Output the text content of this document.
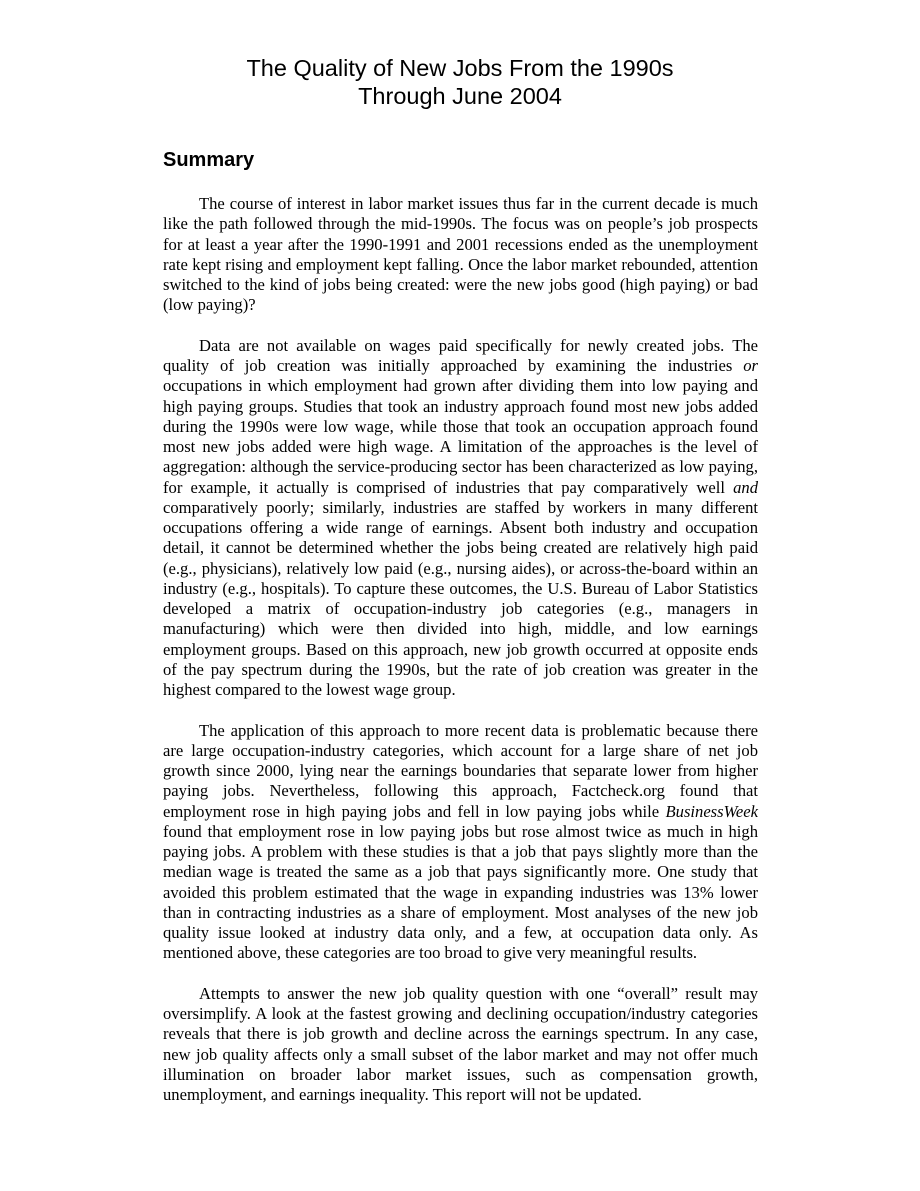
The Quality of New Jobs From the 1990s
Through June 2004
Summary

The course of interest in labor market issues thus far in the current decade is much like the path followed through the mid-1990s. The focus was on people’s job prospects for at least a year after the 1990-1991 and 2001 recessions ended as the unemployment rate kept rising and employment kept falling. Once the labor market rebounded, attention switched to the kind of jobs being created: were the new jobs good (high paying) or bad (low paying)?

Data are not available on wages paid specifically for newly created jobs. The quality of job creation was initially approached by examining the industries or occupations in which employment had grown after dividing them into low paying and high paying groups. Studies that took an industry approach found most new jobs added during the 1990s were low wage, while those that took an occupation approach found most new jobs added were high wage. A limitation of the approaches is the level of aggregation: although the service-producing sector has been characterized as low paying, for example, it actually is comprised of industries that pay comparatively well and comparatively poorly; similarly, industries are staffed by workers in many different occupations offering a wide range of earnings. Absent both industry and occupation detail, it cannot be determined whether the jobs being created are relatively high paid (e.g., physicians), relatively low paid (e.g., nursing aides), or across-the-board within an industry (e.g., hospitals). To capture these outcomes, the U.S. Bureau of Labor Statistics developed a matrix of occupation-industry job categories (e.g., managers in manufacturing) which were then divided into high, middle, and low earnings employment groups. Based on this approach, new job growth occurred at opposite ends of the pay spectrum during the 1990s, but the rate of job creation was greater in the highest compared to the lowest wage group.

The application of this approach to more recent data is problematic because there are large occupation-industry categories, which account for a large share of net job growth since 2000, lying near the earnings boundaries that separate lower from higher paying jobs. Nevertheless, following this approach, Factcheck.org found that employment rose in high paying jobs and fell in low paying jobs while BusinessWeek found that employment rose in low paying jobs but rose almost twice as much in high paying jobs. A problem with these studies is that a job that pays slightly more than the median wage is treated the same as a job that pays significantly more. One study that avoided this problem estimated that the wage in expanding industries was 13% lower than in contracting industries as a share of employment. Most analyses of the new job quality issue looked at industry data only, and a few, at occupation data only. As mentioned above, these categories are too broad to give very meaningful results.

Attempts to answer the new job quality question with one “overall” result may oversimplify. A look at the fastest growing and declining occupation/industry categories reveals that there is job growth and decline across the earnings spectrum. In any case, new job quality affects only a small subset of the labor market and may not offer much illumination on broader labor market issues, such as compensation growth, unemployment, and earnings inequality. This report will not be updated.
